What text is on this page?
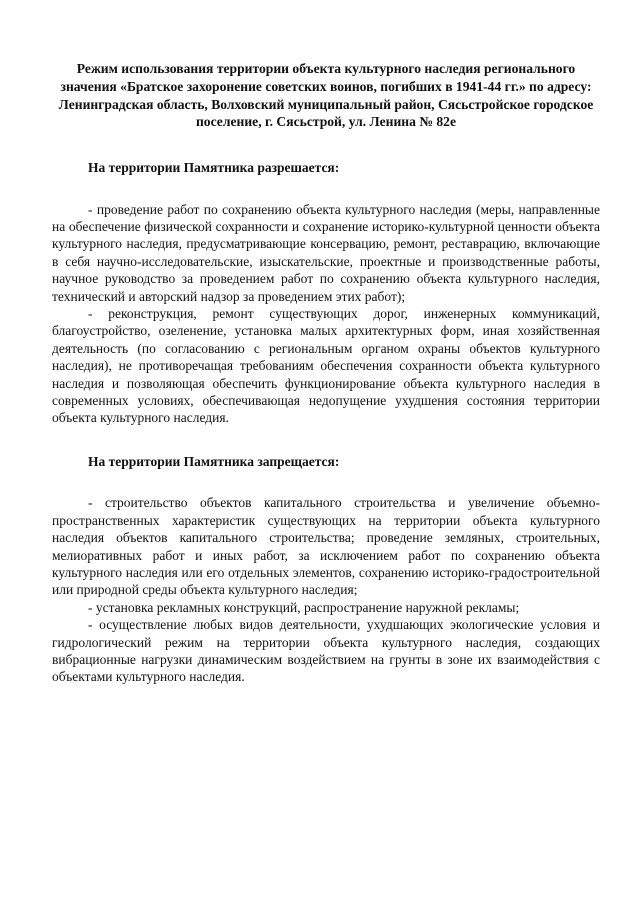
Режим использования территории объекта культурного наследия регионального значения «Братское захоронение советских воинов, погибших в 1941-44 гг.» по адресу: Ленинградская область, Волховский муниципальный район, Сясьстройское городское поселение, г. Сясьстрой, ул. Ленина № 82е

На территории Памятника разрешается:

- проведение работ по сохранению объекта культурного наследия (меры, направленные на обеспечение физической сохранности и сохранение историко-культурной ценности объекта культурного наследия, предусматривающие консервацию, ремонт, реставрацию, включающие в себя научно-исследовательские, изыскательские, проектные и производственные работы, научное руководство за проведением работ по сохранению объекта культурного наследия, технический и авторский надзор за проведением этих работ);

- реконструкция, ремонт существующих дорог, инженерных коммуникаций, благоустройство, озеленение, установка малых архитектурных форм, иная хозяйственная деятельность (по согласованию с региональным органом охраны объектов культурного наследия), не противоречащая требованиям обеспечения сохранности объекта культурного наследия и позволяющая обеспечить функционирование объекта культурного наследия в современных условиях, обеспечивающая недопущение ухудшения состояния территории объекта культурного наследия.

На территории Памятника запрещается:

- строительство объектов капитального строительства и увеличение объемно-пространственных характеристик существующих на территории объекта культурного наследия объектов капитального строительства; проведение земляных, строительных, мелиоративных работ и иных работ, за исключением работ по сохранению объекта культурного наследия или его отдельных элементов, сохранению историко-градостроительной или природной среды объекта культурного наследия;

- установка рекламных конструкций, распространение наружной рекламы;

- осуществление любых видов деятельности, ухудшающих экологические условия и гидрологический режим на территории объекта культурного наследия, создающих вибрационные нагрузки динамическим воздействием на грунты в зоне их взаимодействия с объектами культурного наследия.
